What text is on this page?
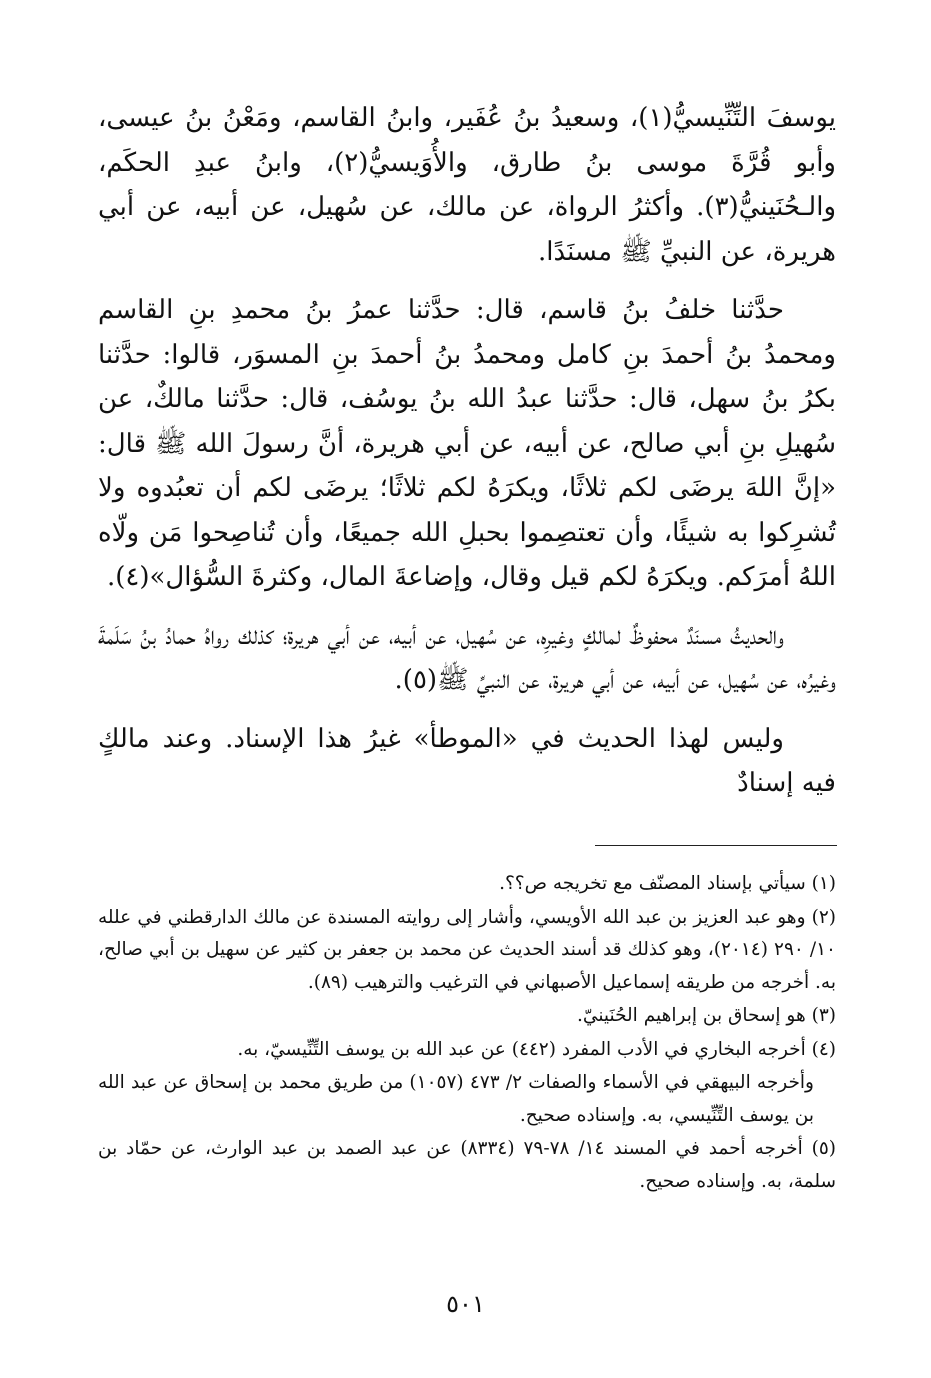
يوسفَ التِّنِّيسيُّ(١)، وسعيدُ بنُ عُفَير، وابنُ القاسم، ومَعْنُ بنُ عيسى، وأبو قُرَّةَ موسى بنُ طارق، والأُوَيسيُّ(٢)، وابنُ عبدِ الحكَم، والـحُنَينيُّ(٣). وأكثرُ الرواة، عن مالك، عن سُهيل، عن أبيه، عن أبي هريرة، عن النبيِّ ﷺ مسنَدًا.

حدَّثنا خلفُ بنُ قاسم، قال: حدَّثنا عمرُ بنُ محمدِ بنِ القاسم ومحمدُ بنُ أحمدَ بنِ كامل ومحمدُ بنُ أحمدَ بنِ المسوَر، قالوا: حدَّثنا بكرُ بنُ سهل، قال: حدَّثنا عبدُ الله بنُ يوسُف، قال: حدَّثنا مالكٌ، عن سُهيلِ بنِ أبي صالح، عن أبيه، عن أبي هريرة، أنَّ رسولَ الله ﷺ قال: «إنَّ اللهَ يرضَى لكم ثلاثًا، ويكرَهُ لكم ثلاثًا؛ يرضَى لكم أن تعبُدوه ولا تُشرِكوا به شيئًا، وأن تعتصِموا بحبلِ الله جميعًا، وأن تُناصِحوا مَن ولّاه اللهُ أمرَكم. ويكرَهُ لكم قيل وقال، وإضاعةَ المال، وكثرةَ السُّؤال»(٤).

والحديثُ مسنَدٌ محفوظٌ لمالكٍ وغيرِه، عن سُهيل، عن أبيه، عن أبي هريرة؛ كذلك رواهُ حمادُ بنُ سَلَمةَ وغيرُه، عن سُهيل، عن أبيه، عن أبي هريرة، عن النبيِّ ﷺ(٥).

وليس لهذا الحديث في «الموطأ» غيرُ هذا الإسناد. وعند مالكٍ فيه إسنادٌ

(١) سيأتي بإسناد المصنّف مع تخريجه ص؟؟.

(٢) وهو عبد العزيز بن عبد الله الأويسي، وأشار إلى روايته المسندة عن مالك الدارقطني في علله ١٠/ ٢٩٠ (٢٠١٤)، وهو كذلك قد أسند الحديث عن محمد بن جعفر بن كثير عن سهيل بن أبي صالح، به. أخرجه من طريقه إسماعيل الأصبهاني في الترغيب والترهيب (٨٩).

(٣) هو إسحاق بن إبراهيم الحُنَينيّ.

(٤) أخرجه البخاري في الأدب المفرد (٤٤٢) عن عبد الله بن يوسف التِّنِّيسيّ، به.

وأخرجه البيهقي في الأسماء والصفات ٢/ ٤٧٣ (١٠٥٧) من طريق محمد بن إسحاق عن عبد الله بن يوسف التِّنِّيسي، به. وإسناده صحيح.

(٥) أخرجه أحمد في المسند ١٤/ ٧٨-٧٩ (٨٣٣٤) عن عبد الصمد بن عبد الوارث، عن حمّاد بن سلمة، به. وإسناده صحيح.

٥٠١
